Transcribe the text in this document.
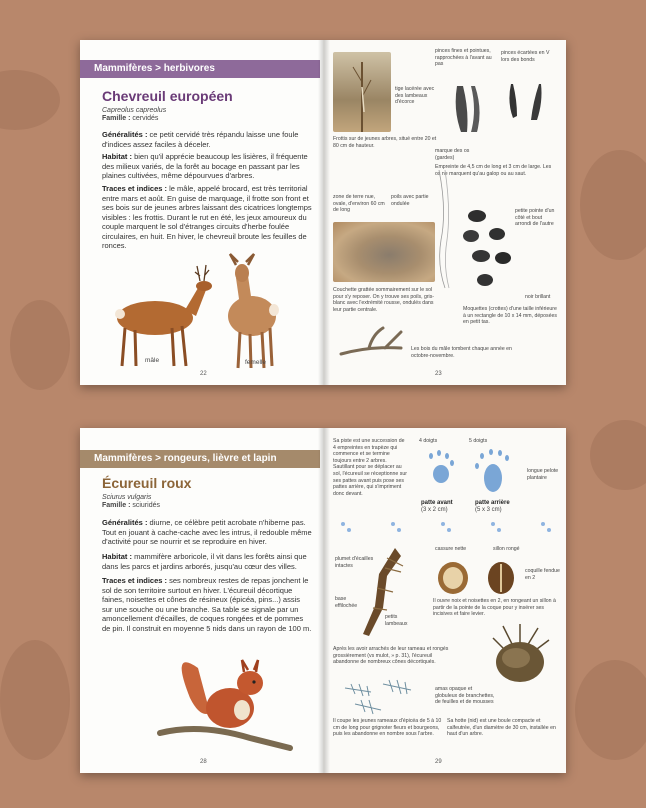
Mammifères > herbivores
Chevreuil européen
Capreolus capreolus
Famille : cervidés

Généralités : ce petit cervidé très répandu laisse une foule d'indices assez faciles à déceler.

Habitat : bien qu'il apprécie beaucoup les lisières, il fréquente des milieux variés, de la forêt au bocage en passant par les plaines cultivées, même dépourvues d'arbres.

Traces et indices : le mâle, appelé brocard, est très territorial entre mars et août. En guise de marquage, il frotte son front et ses bois sur de jeunes arbres laissant des cicatrices longtemps visibles : les frottis. Durant le rut en été, les jeux amoureux du couple marquent le sol d'étranges circuits d'herbe foulée circulaires, en huit. En hiver, le chevreuil broute les feuilles de ronces.

mâle	femelle
22
tige lacérée avec des lambeaux d'écorce
Frottis sur de jeunes arbres, situé entre 20 et 80 cm de hauteur.
pinces fines et pointues, rapprochées à l'avant au pas
pinces écartées en V lors des bonds
marque des os (gardes)
Empreinte de 4,5 cm de long et 3 cm de large. Les os ne marquent qu'au galop ou au saut.
zone de terre nue, ovale, d'environ 60 cm de long
poils avec partie ondulée
Couchette grattée sommairement sur le sol pour s'y reposer. On y trouve ses poils, gris-blanc avec l'extrémité rousse, ondulés dans leur partie centrale.
petite pointe d'un côté et bout arrondi de l'autre
noir brillant
Moquettes (crottes) d'une taille inférieure à un rectangle de 10 x 14 mm, déposées en petit tas.
Les bois du mâle tombent chaque année en octobre-novembre.
23
Mammifères > rongeurs, lièvre et lapin
Écureuil roux
Sciurus vulgaris
Famille : sciuridés

Généralités : diurne, ce célèbre petit acrobate n'hiberne pas. Tout en jouant à cache-cache avec les intrus, il redouble même d'activité pour se nourrir et se reproduire en hiver.

Habitat : mammifère arboricole, il vit dans les forêts ainsi que dans les parcs et jardins arborés, jusqu'au cœur des villes.

Traces et indices : ses nombreux restes de repas jonchent le sol de son territoire surtout en hiver. L'écureuil décortique faines, noisettes et cônes de résineux (épicéa, pins...) assis sur une souche ou une branche. Sa table se signale par un amoncellement d'écailles, de coques rongées et de pommes de pin. Il construit en moyenne 5 nids dans un rayon de 100 m.

28
Sa piste est une succession de 4 empreintes en trapèze qui commence et se termine toujours entre 2 arbres. Sautillant pour se déplacer au sol, l'écureuil se réceptionne sur ses pattes avant puis pose ses pattes arrière, qui s'impriment donc devant.
4 doigts	5 doigts
longue pelote plantaire
patte avant
(3 x 2 cm)
patte arrière
(5 x 3 cm)
plumet d'écailles intactes
base effilochée
petits lambeaux
Après les avoir arrachés de leur rameau et rongés grossièrement (vs mulot, » p. 31), l'écureuil abandonne de nombreux cônes décortiqués.
cassure nette	sillon rongé
coquille fendue en 2
Il ouvre noix et noisettes en 2, en rongeant un sillon à partir de la pointe de la coque pour y insérer ses incisives et faire levier.
amas opaque et globuleux de branchettes, de feuilles et de mousses
Il coupe les jeunes rameaux d'épicéa de 5 à 10 cm de long pour grignoter fleurs et bourgeons, puis les abandonne en nombre sous l'arbre.
Sa hotte (nid) est une boule compacte et calfeutrée, d'un diamètre de 30 cm, installée en haut d'un arbre.
29
